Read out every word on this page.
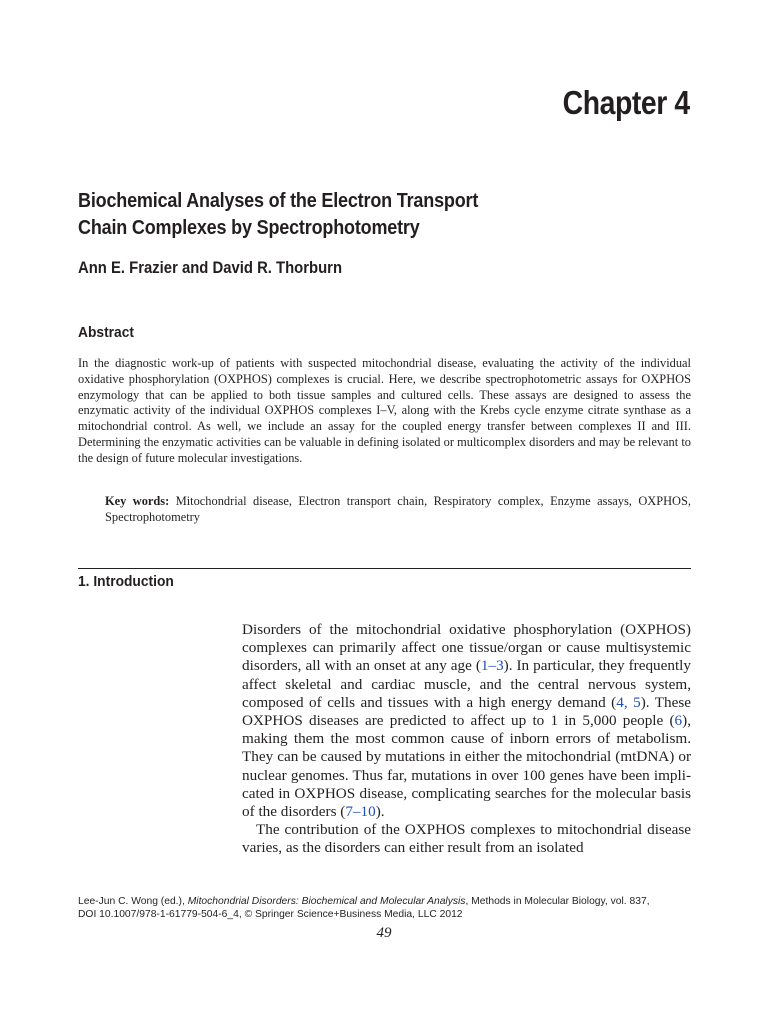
Chapter 4
Biochemical Analyses of the Electron Transport
Chain Complexes by Spectrophotometry
Ann E. Frazier and David R. Thorburn
Abstract
In the diagnostic work-up of patients with suspected mitochondrial disease, evaluating the activity of the individual oxidative phosphorylation (OXPHOS) complexes is crucial. Here, we describe spectrophotometric assays for OXPHOS enzymology that can be applied to both tissue samples and cultured cells. These assays are designed to assess the enzymatic activity of the individual OXPHOS complexes I–V, along with the Krebs cycle enzyme citrate synthase as a mitochondrial control. As well, we include an assay for the coupled energy transfer between complexes II and III. Determining the enzymatic activities can be valuable in defining isolated or multicomplex disorders and may be relevant to the design of future molecular investigations.
Key words: Mitochondrial disease, Electron transport chain, Respiratory complex, Enzyme assays, OXPHOS, Spectrophotometry
1. Introduction

Disorders of the mitochondrial oxidative phosphorylation (OXPHOS) complexes can primarily affect one tissue/organ or cause multisystemic disorders, all with an onset at any age (1–3). In particular, they frequently affect skeletal and cardiac muscle, and the central nervous system, composed of cells and tissues with a high energy demand (4, 5). These OXPHOS diseases are predicted to affect up to 1 in 5,000 people (6), making them the most common cause of inborn errors of metabolism. They can be caused by mutations in either the mitochondrial (mtDNA) or nuclear genomes. Thus far, mutations in over 100 genes have been implicated in OXPHOS disease, complicating searches for the molecular basis of the disorders (7–10).

The contribution of the OXPHOS complexes to mitochondrial disease varies, as the disorders can either result from an isolated

Lee-Jun C. Wong (ed.), Mitochondrial Disorders: Biochemical and Molecular Analysis, Methods in Molecular Biology, vol. 837,
DOI 10.1007/978-1-61779-504-6_4, © Springer Science+Business Media, LLC 2012
49
